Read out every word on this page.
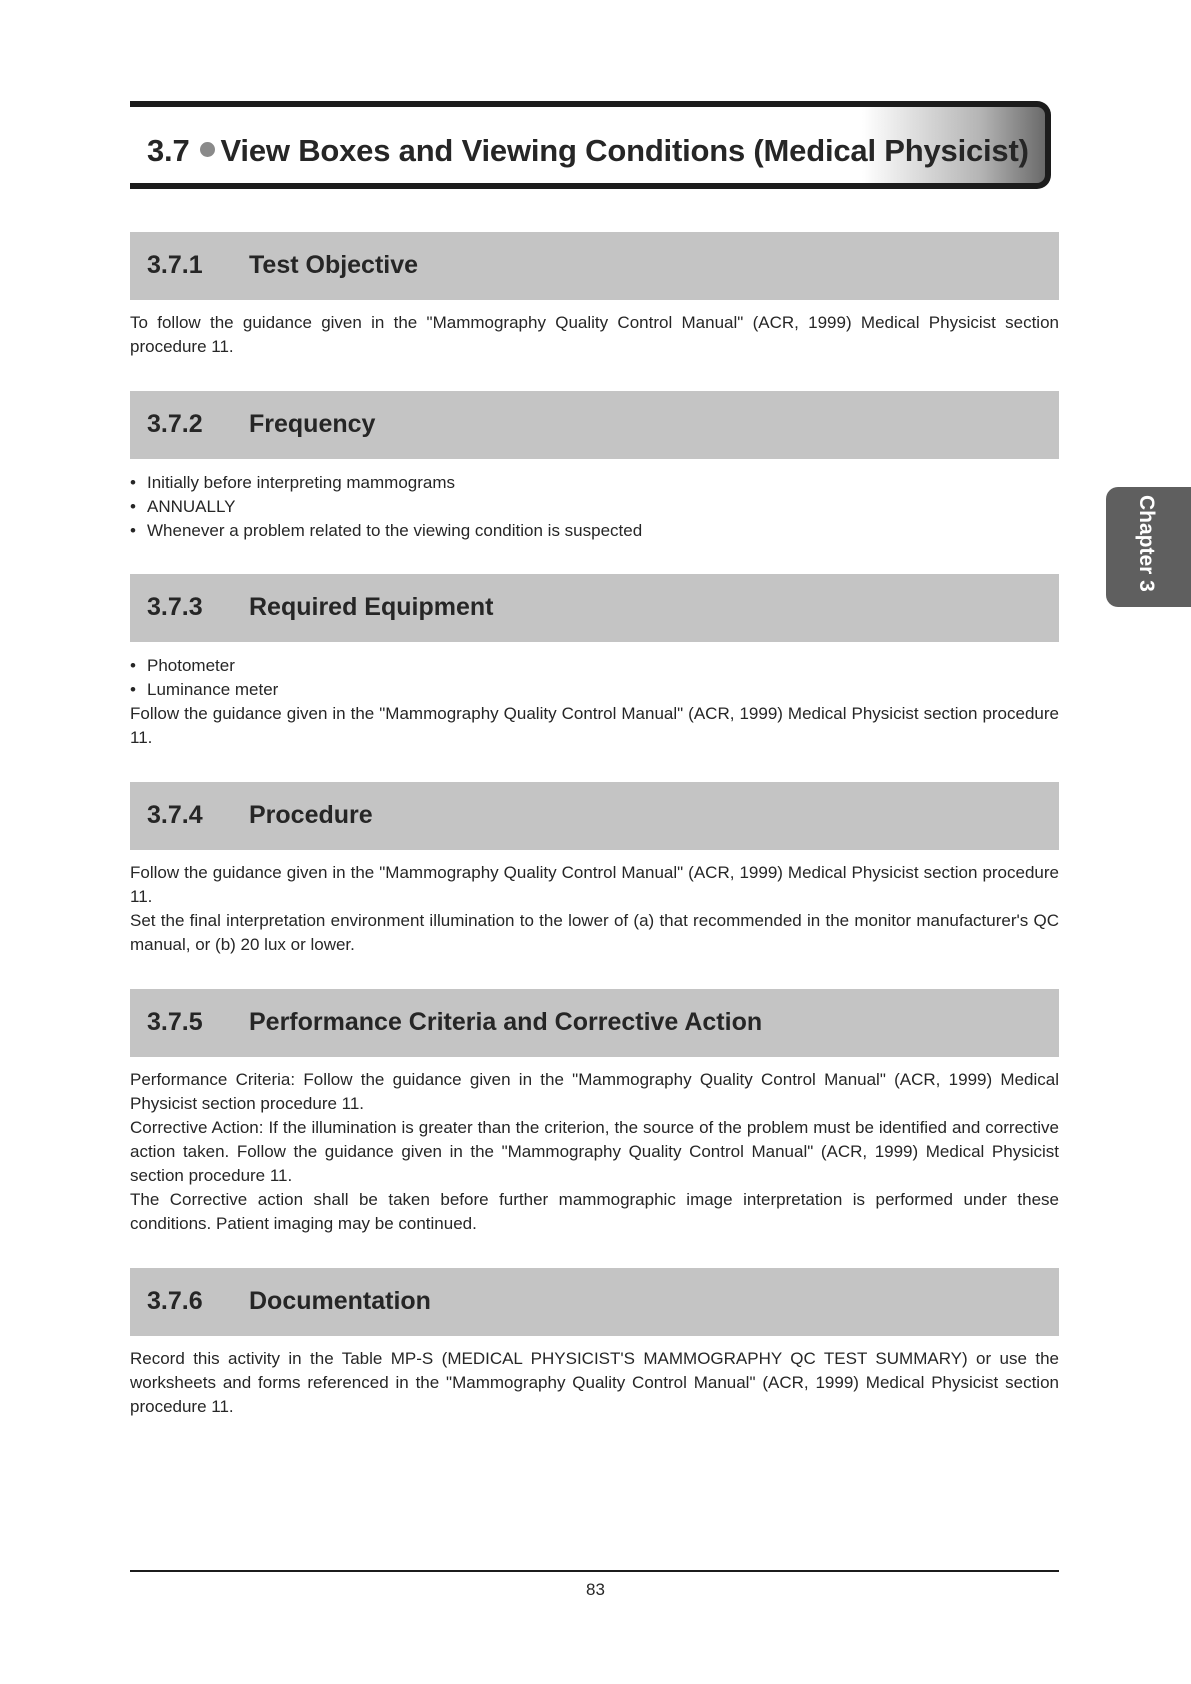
3.7 View Boxes and Viewing Conditions (Medical Physicist)
Chapter 3
3.7.1 Test Objective

To follow the guidance given in the "Mammography Quality Control Manual" (ACR, 1999) Medical Physicist section procedure 11.

3.7.2 Frequency
• Initially before interpreting mammograms
• ANNUALLY
• Whenever a problem related to the viewing condition is suspected
3.7.3 Required Equipment
• Photometer
• Luminance meter

Follow the guidance given in the "Mammography Quality Control Manual" (ACR, 1999) Medical Physicist section procedure 11.

3.7.4 Procedure

Follow the guidance given in the "Mammography Quality Control Manual" (ACR, 1999) Medical Physicist section procedure 11.

Set the final interpretation environment illumination to the lower of (a) that recommended in the monitor manufacturer's QC manual, or (b) 20 lux or lower.

3.7.5 Performance Criteria and Corrective Action

Performance Criteria: Follow the guidance given in the "Mammography Quality Control Manual" (ACR, 1999) Medical Physicist section procedure 11.

Corrective Action: If the illumination is greater than the criterion, the source of the problem must be identified and corrective action taken. Follow the guidance given in the "Mammography Quality Control Manual" (ACR, 1999) Medical Physicist section procedure 11.

The Corrective action shall be taken before further mammographic image interpretation is performed under these conditions. Patient imaging may be continued.

3.7.6 Documentation

Record this activity in the Table MP-S (MEDICAL PHYSICIST'S MAMMOGRAPHY QC TEST SUMMARY) or use the worksheets and forms referenced in the "Mammography Quality Control Manual" (ACR, 1999) Medical Physicist section procedure 11.

83
